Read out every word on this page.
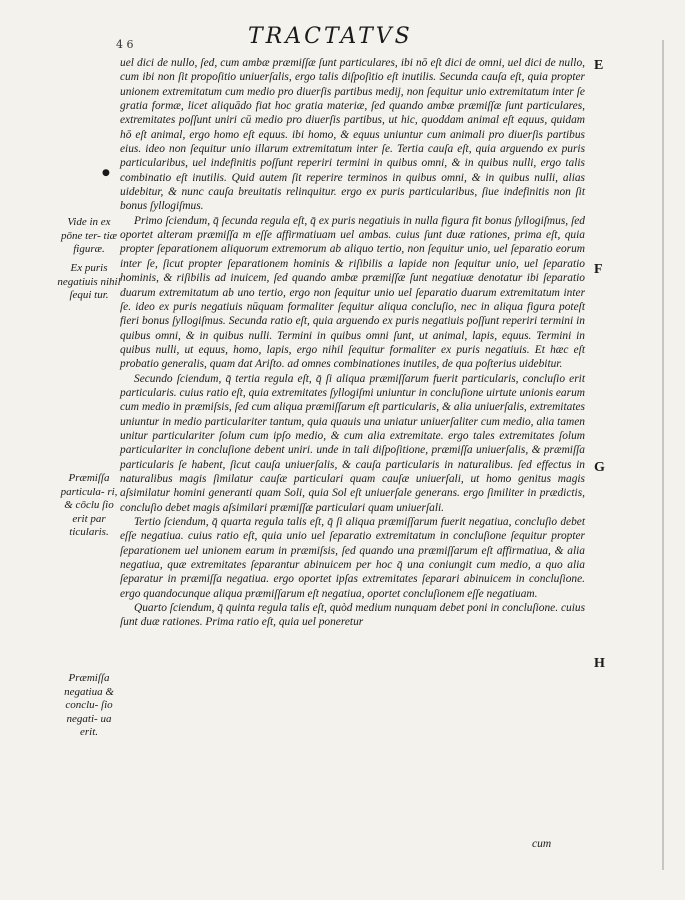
4 6	TRACTATVS
E
F
G
H
●
Vide in ex pōne ter- tiæ figuræ.
Ex puris negatiuis nihil ſequi tur.
Præmiſſa particula- ri, & cōclu ſio erit par ticularis.
Præmiſſa negatiua & conclu- ſio negati- ua erit.

uel dici de nullo, ſed, cum ambæ præmiſſæ ſunt particulares, ibi nō eſt dici de omni, uel dici de nullo, cum ibi non ſit propoſitio uniuerſalis, ergo talis diſpoſitio eſt inutilis. Secunda cauſa eſt, quia propter unionem extremitatum cum medio pro diuerſis partibus medij, non ſequitur unio extremitatum inter ſe gratia formæ, licet aliquādo fiat hoc gratia materiæ, ſed quando ambæ præmiſſæ ſunt particulares, extremitates poſſunt uniri cū medio pro diuerſis partibus, ut hic, quoddam animal eſt equus, quidam hō eſt animal, ergo homo eſt equus. ibi homo, & equus uniuntur cum animali pro diuerſis partibus eius. ideo non ſequitur unio illarum extremitatum inter ſe. Tertia cauſa eſt, quia arguendo ex puris particularibus, uel indefinitis poſſunt reperiri termini in quibus omni, & in quibus nulli, ergo talis combinatio eſt inutilis. Quid autem ſit reperire terminos in quibus omni, & in quibus nulli, alias uidebitur, & nunc cauſa breuitatis relinquitur. ergo ex puris particularibus, ſiue indefinitis non ſit bonus ſyllogiſmus.

Primo ſciendum, q̄ ſecunda regula eſt, q̄ ex puris negatiuis in nulla figura fit bonus ſyllogiſmus, ſed oportet alteram præmiſſa m eſſe affirmatiuam uel ambas. cuius ſunt duæ rationes, prima eſt, quia propter ſeparationem aliquorum extremorum ab aliquo tertio, non ſequitur unio, uel ſeparatio eorum inter ſe, ſicut propter ſeparationem hominis & riſibilis a lapide non ſequitur unio, uel ſeparatio hominis, & riſibilis ad inuicem, ſed quando ambæ præmiſſæ ſunt negatiuæ denotatur ibi ſeparatio duarum extremitatum ab uno tertio, ergo non ſequitur unio uel ſeparatio duarum extremitatum inter ſe. ideo ex puris negatiuis nūquam formaliter ſequitur aliqua concluſio, nec in aliqua figura poteſt fieri bonus ſyllogiſmus. Secunda ratio eſt, quia arguendo ex puris negatiuis poſſunt reperiri termini in quibus omni, & in quibus nulli. Termini in quibus omni ſunt, ut animal, lapis, equus. Termini in quibus nulli, ut equus, homo, lapis, ergo nihil ſequitur formaliter ex puris negatiuis. Et hæc eſt probatio generalis, quam dat Ariſto. ad omnes combinationes inutiles, de qua poſterius uidebitur.

Secundo ſciendum, q̄ tertia regula eſt, q̄ ſi aliqua præmiſſarum fuerit particularis, concluſio erit particularis. cuius ratio eſt, quia extremitates ſyllogiſmi uniuntur in concluſione uirtute unionis earum cum medio in præmiſsis, ſed cum aliqua præmiſſarum eſt particularis, & alia uniuerſalis, extremitates uniuntur in medio particulariter tantum, quia quauis una uniatur uniuerſaliter cum medio, alia tamen unitur particulariter ſolum cum ipſo medio, & cum alia extremitate. ergo tales extremitates ſolum particulariter in concluſione debent uniri. unde in tali diſpoſitione, præmiſſa uniuerſalis, & præmiſſa particularis ſe habent, ſicut cauſa uniuerſalis, & cauſa particularis in naturalibus. ſed effectus in naturalibus magis ſimilatur cauſæ particulari quam cauſæ uniuerſali, ut homo genitus magis aſsimilatur homini generanti quam Soli, quia Sol eſt uniuerſale generans. ergo ſimiliter in prædictis, concluſio debet magis aſsimilari præmiſſæ particulari quam uniuerſali.

Tertio ſciendum, q̄ quarta regula talis eſt, q̄ ſi aliqua præmiſſarum fuerit negatiua, concluſio debet eſſe negatiua. cuius ratio eſt, quia unio uel ſeparatio extremitatum in concluſione ſequitur propter ſeparationem uel unionem earum in præmiſsis, ſed quando una præmiſſarum eſt affirmatiua, & alia negatiua, quæ extremitates ſeparantur abinuicem per hoc q̄ una coniungit cum medio, a quo alia ſeparatur in præmiſſa negatiua. ergo oportet ipſas extremitates ſeparari abinuicem in concluſione. ergo quandocunque aliqua præmiſſarum eſt negatiua, oportet concluſionem eſſe negatiuam.

Quarto ſciendum, q̄ quinta regula talis eſt, quòd medium nunquam debet poni in concluſione. cuius ſunt duæ rationes. Prima ratio eſt, quia uel poneretur

cum
